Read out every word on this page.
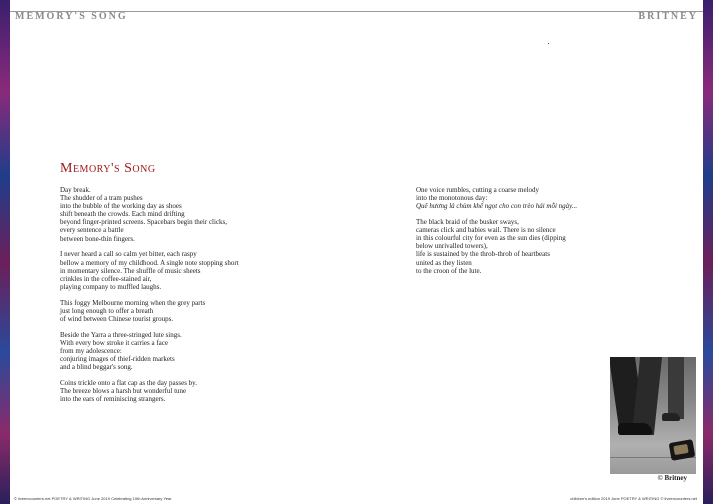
MEMORY'S SONG	BRITNEY
Memory's Song
Day break.
The shudder of a tram pushes
into the bubble of the working day as shoes
shift beneath the crowds. Each mind drifting
beyond finger-printed screens. Spacebars begin their clicks,
every sentence a battle
between bone-thin fingers.
I never heard a call so calm yet bitter, each raspy
bellow a memory of my childhood. A single note stopping short
in momentary silence. The shuffle of music sheets
crinkles in the coffee-stained air,
playing company to muffled laughs.
This foggy Melbourne morning when the grey parts
just long enough to offer a breath
of wind between Chinese tourist groups.
Beside the Yarra a three-stringed lute sings.
With every bow stroke it carries a face
from my adolescence:
conjuring images of thief-ridden markets
and a blind beggar's song.
Coins trickle onto a flat cap as the day passes by.
The breeze blows a harsh but wonderful tune
into the ears of reminiscing strangers.
One voice rumbles, cutting a coarse melody
into the monotonous day:
Quê hương là chùm khế ngọt cho con trèo hái mỗi ngày...
The black braid of the busker sways,
cameras click and babies wail. There is no silence
in this colourful city for even as the sun dies (dipping
below unrivalled towers),
life is sustained by the throb-throb of heartbeats
united as they listen
to the croon of the lute.
© Britney
© liveencounters.net POETRY & WRITING June 2019 Celebrating 10th Anniversary Year	children's edition 2019 June POETRY & WRITING © liveencounters.net
